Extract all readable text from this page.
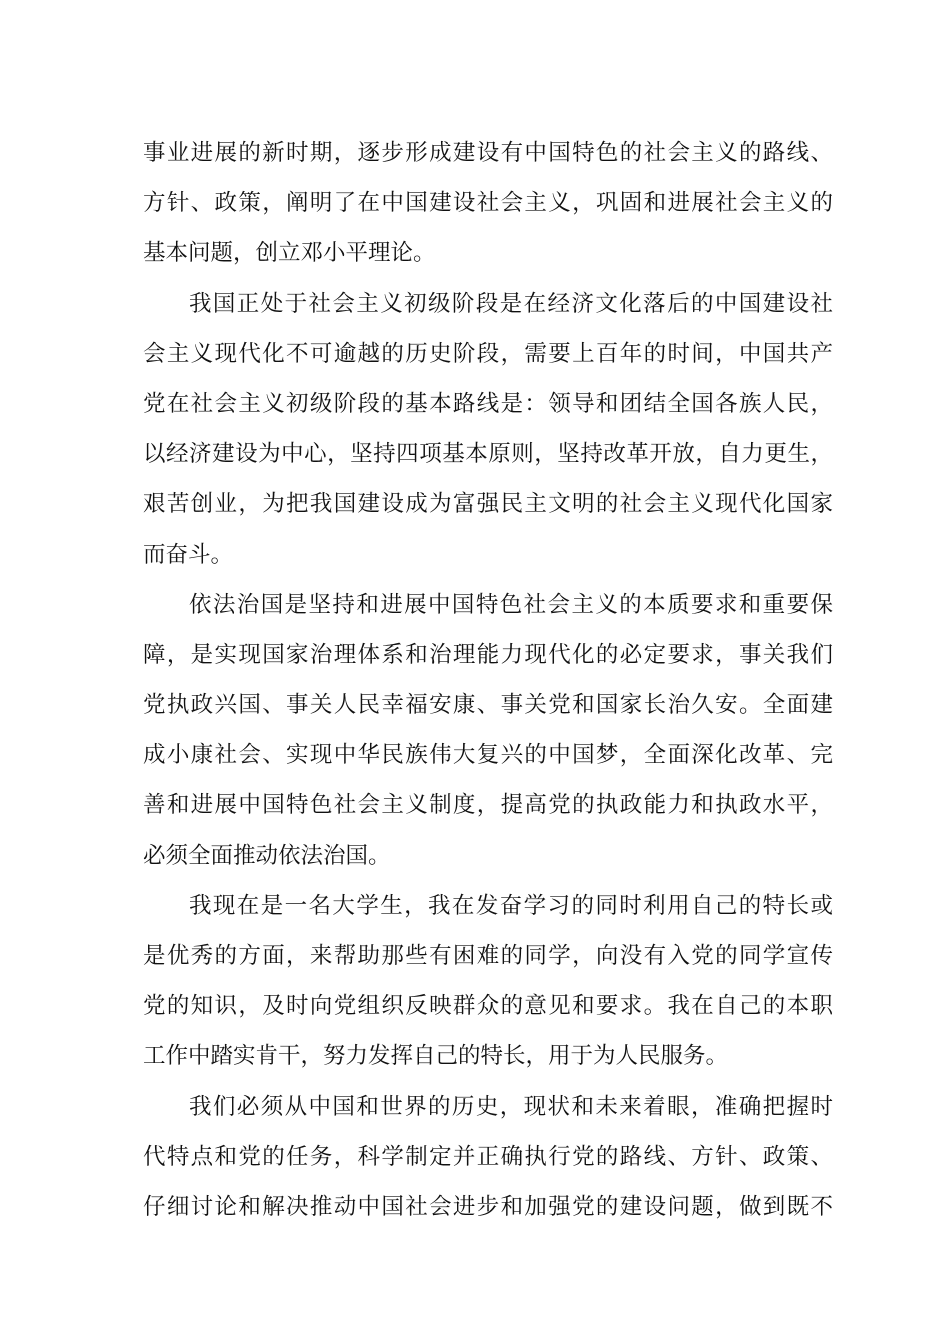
事业进展的新时期，逐步形成建设有中国特色的社会主义的路线、
方针、政策，阐明了在中国建设社会主义，巩固和进展社会主义的
基本问题，创立邓小平理论。
我国正处于社会主义初级阶段是在经济文化落后的中国建设社
会主义现代化不可逾越的历史阶段，需要上百年的时间，中国共产
党在社会主义初级阶段的基本路线是：领导和团结全国各族人民，
以经济建设为中心，坚持四项基本原则，坚持改革开放，自力更生，
艰苦创业，为把我国建设成为富强民主文明的社会主义现代化国家
而奋斗。
依法治国是坚持和进展中国特色社会主义的本质要求和重要保
障，是实现国家治理体系和治理能力现代化的必定要求，事关我们
党执政兴国、事关人民幸福安康、事关党和国家长治久安。全面建
成小康社会、实现中华民族伟大复兴的中国梦，全面深化改革、完
善和进展中国特色社会主义制度，提高党的执政能力和执政水平，
必须全面推动依法治国。
我现在是一名大学生，我在发奋学习的同时利用自己的特长或
是优秀的方面，来帮助那些有困难的同学，向没有入党的同学宣传
党的知识，及时向党组织反映群众的意见和要求。我在自己的本职
工作中踏实肯干，努力发挥自己的特长，用于为人民服务。
我们必须从中国和世界的历史，现状和未来着眼，准确把握时
代特点和党的任务，科学制定并正确执行党的路线、方针、政策、
仔细讨论和解决推动中国社会进步和加强党的建设问题，做到既不
